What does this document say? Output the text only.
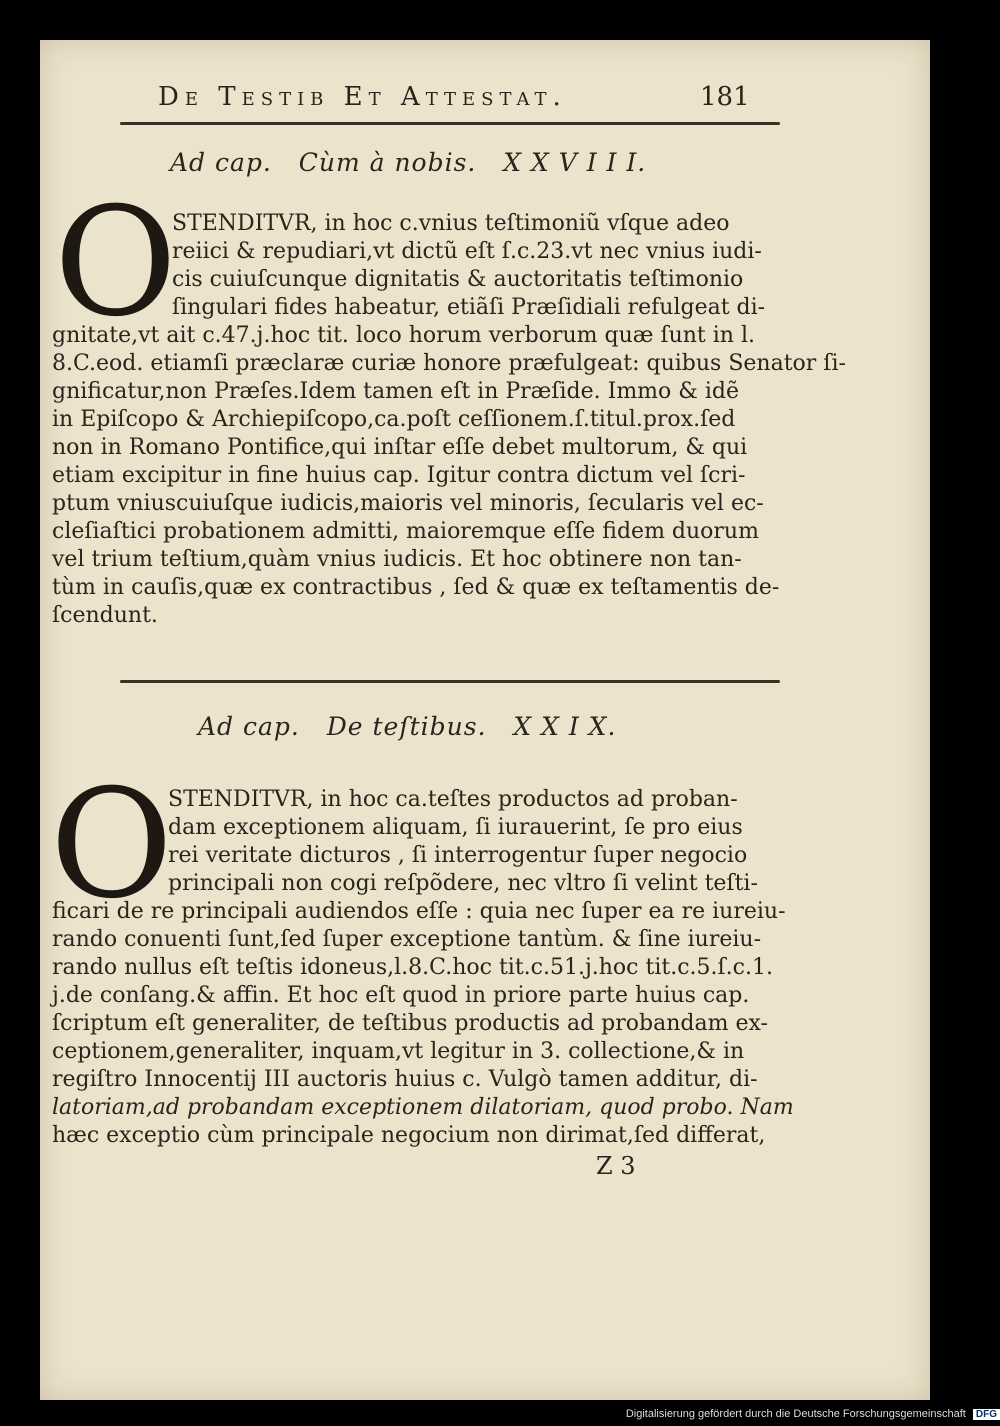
De Testib Et Attestat.	181
Ad cap. Cùm à nobis. X X V I I I.
O
STENDITVR, in hoc c.vnius teſtimoniũ vſque adeo
reiici & repudiari,vt dictũ eſt ſ.c.23.vt nec vnius iudi-
cis cuiuſcunque dignitatis & auctoritatis teſtimonio
ſingulari fides habeatur, etiãſi Præſidiali refulgeat di-
gnitate,vt ait c.47.j.hoc tit. loco horum verborum quæ ſunt in l.
8.C.eod. etiamſi præclaræ curiæ honore præfulgeat: quibus Senator ſi-
gnificatur,non Præſes.Idem tamen eſt in Præſide. Immo & idẽ
in Epiſcopo & Archiepiſcopo,ca.poſt ceſſionem.ſ.titul.prox.ſed
non in Romano Pontifice,qui inſtar eſſe debet multorum, & qui
etiam excipitur in fine huius cap. Igitur contra dictum vel ſcri-
ptum vniuscuiuſque iudicis,maioris vel minoris, ſecularis vel ec-
cleſiaſtici probationem admitti, maioremque eſſe fidem duorum
vel trium teſtium,quàm vnius iudicis. Et hoc obtinere non tan-
tùm in cauſis,quæ ex contractibus , ſed & quæ ex teſtamentis de-
ſcendunt.
Ad cap. De teſtibus. X X I X.
O
STENDITVR, in hoc ca.teſtes productos ad proban-
dam exceptionem aliquam, ſi iurauerint, ſe pro eius
rei veritate dicturos , ſi interrogentur ſuper negocio
principali non cogi reſpõdere, nec vltro ſi velint teſti-
ficari de re principali audiendos eſſe : quia nec ſuper ea re iureiu-
rando conuenti ſunt,ſed ſuper exceptione tantùm. & ſine iureiu-
rando nullus eſt teſtis idoneus,l.8.C.hoc tit.c.51.j.hoc tit.c.5.ſ.c.1.
j.de conſang.& affin. Et hoc eſt quod in priore parte huius cap.
ſcriptum eſt generaliter, de teſtibus productis ad probandam ex-
ceptionem,generaliter, inquam,vt legitur in 3. collectione,& in
regiſtro Innocentij III auctoris huius c. Vulgò tamen additur, di-
latoriam,ad probandam exceptionem dilatoriam, quod probo. Nam
hæc exceptio cùm principale negocium non dirimat,ſed differat,
Z 3
Digitalisierung gefördert durch die Deutsche Forschungsgemeinschaft DFG
